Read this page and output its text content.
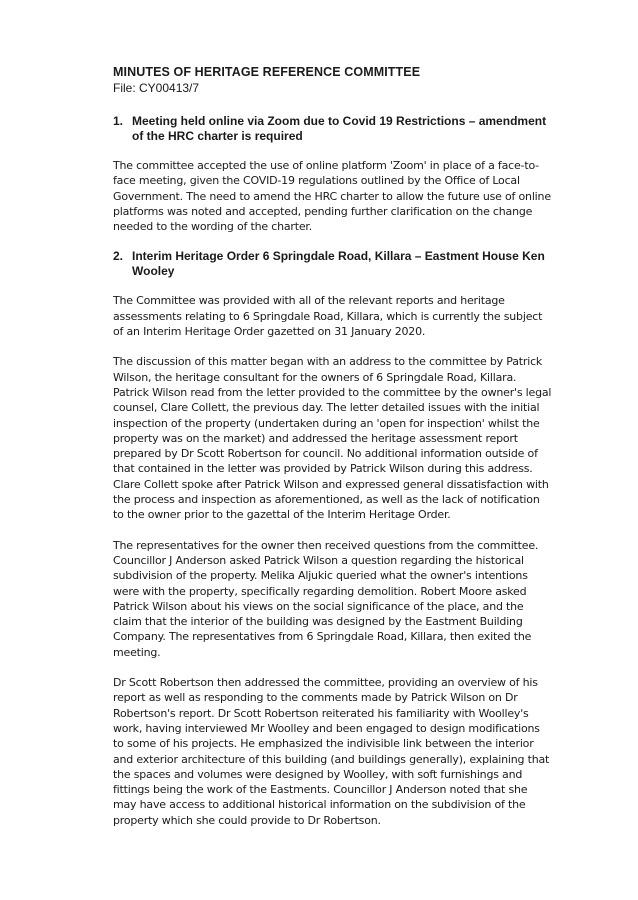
MINUTES OF HERITAGE REFERENCE COMMITTEE
File: CY00413/7
1. Meeting held online via Zoom due to Covid 19 Restrictions – amendment of the HRC charter is required

The committee accepted the use of online platform 'Zoom' in place of a face-to-face meeting, given the COVID-19 regulations outlined by the Office of Local Government. The need to amend the HRC charter to allow the future use of online platforms was noted and accepted, pending further clarification on the change needed to the wording of the charter.

2. Interim Heritage Order 6 Springdale Road, Killara – Eastment House Ken Wooley

The Committee was provided with all of the relevant reports and heritage assessments relating to 6 Springdale Road, Killara, which is currently the subject of an Interim Heritage Order gazetted on 31 January 2020.

The discussion of this matter began with an address to the committee by Patrick Wilson, the heritage consultant for the owners of 6 Springdale Road, Killara. Patrick Wilson read from the letter provided to the committee by the owner's legal counsel, Clare Collett, the previous day. The letter detailed issues with the initial inspection of the property (undertaken during an 'open for inspection' whilst the property was on the market) and addressed the heritage assessment report prepared by Dr Scott Robertson for council. No additional information outside of that contained in the letter was provided by Patrick Wilson during this address. Clare Collett spoke after Patrick Wilson and expressed general dissatisfaction with the process and inspection as aforementioned, as well as the lack of notification to the owner prior to the gazettal of the Interim Heritage Order.

The representatives for the owner then received questions from the committee. Councillor J Anderson asked Patrick Wilson a question regarding the historical subdivision of the property. Melika Aljukic queried what the owner's intentions were with the property, specifically regarding demolition. Robert Moore asked Patrick Wilson about his views on the social significance of the place, and the claim that the interior of the building was designed by the Eastment Building Company. The representatives from 6 Springdale Road, Killara, then exited the meeting.

Dr Scott Robertson then addressed the committee, providing an overview of his report as well as responding to the comments made by Patrick Wilson on Dr Robertson's report. Dr Scott Robertson reiterated his familiarity with Woolley's work, having interviewed Mr Woolley and been engaged to design modifications to some of his projects. He emphasized the indivisible link between the interior and exterior architecture of this building (and buildings generally), explaining that the spaces and volumes were designed by Woolley, with soft furnishings and fittings being the work of the Eastments. Councillor J Anderson noted that she may have access to additional historical information on the subdivision of the property which she could provide to Dr Robertson.
